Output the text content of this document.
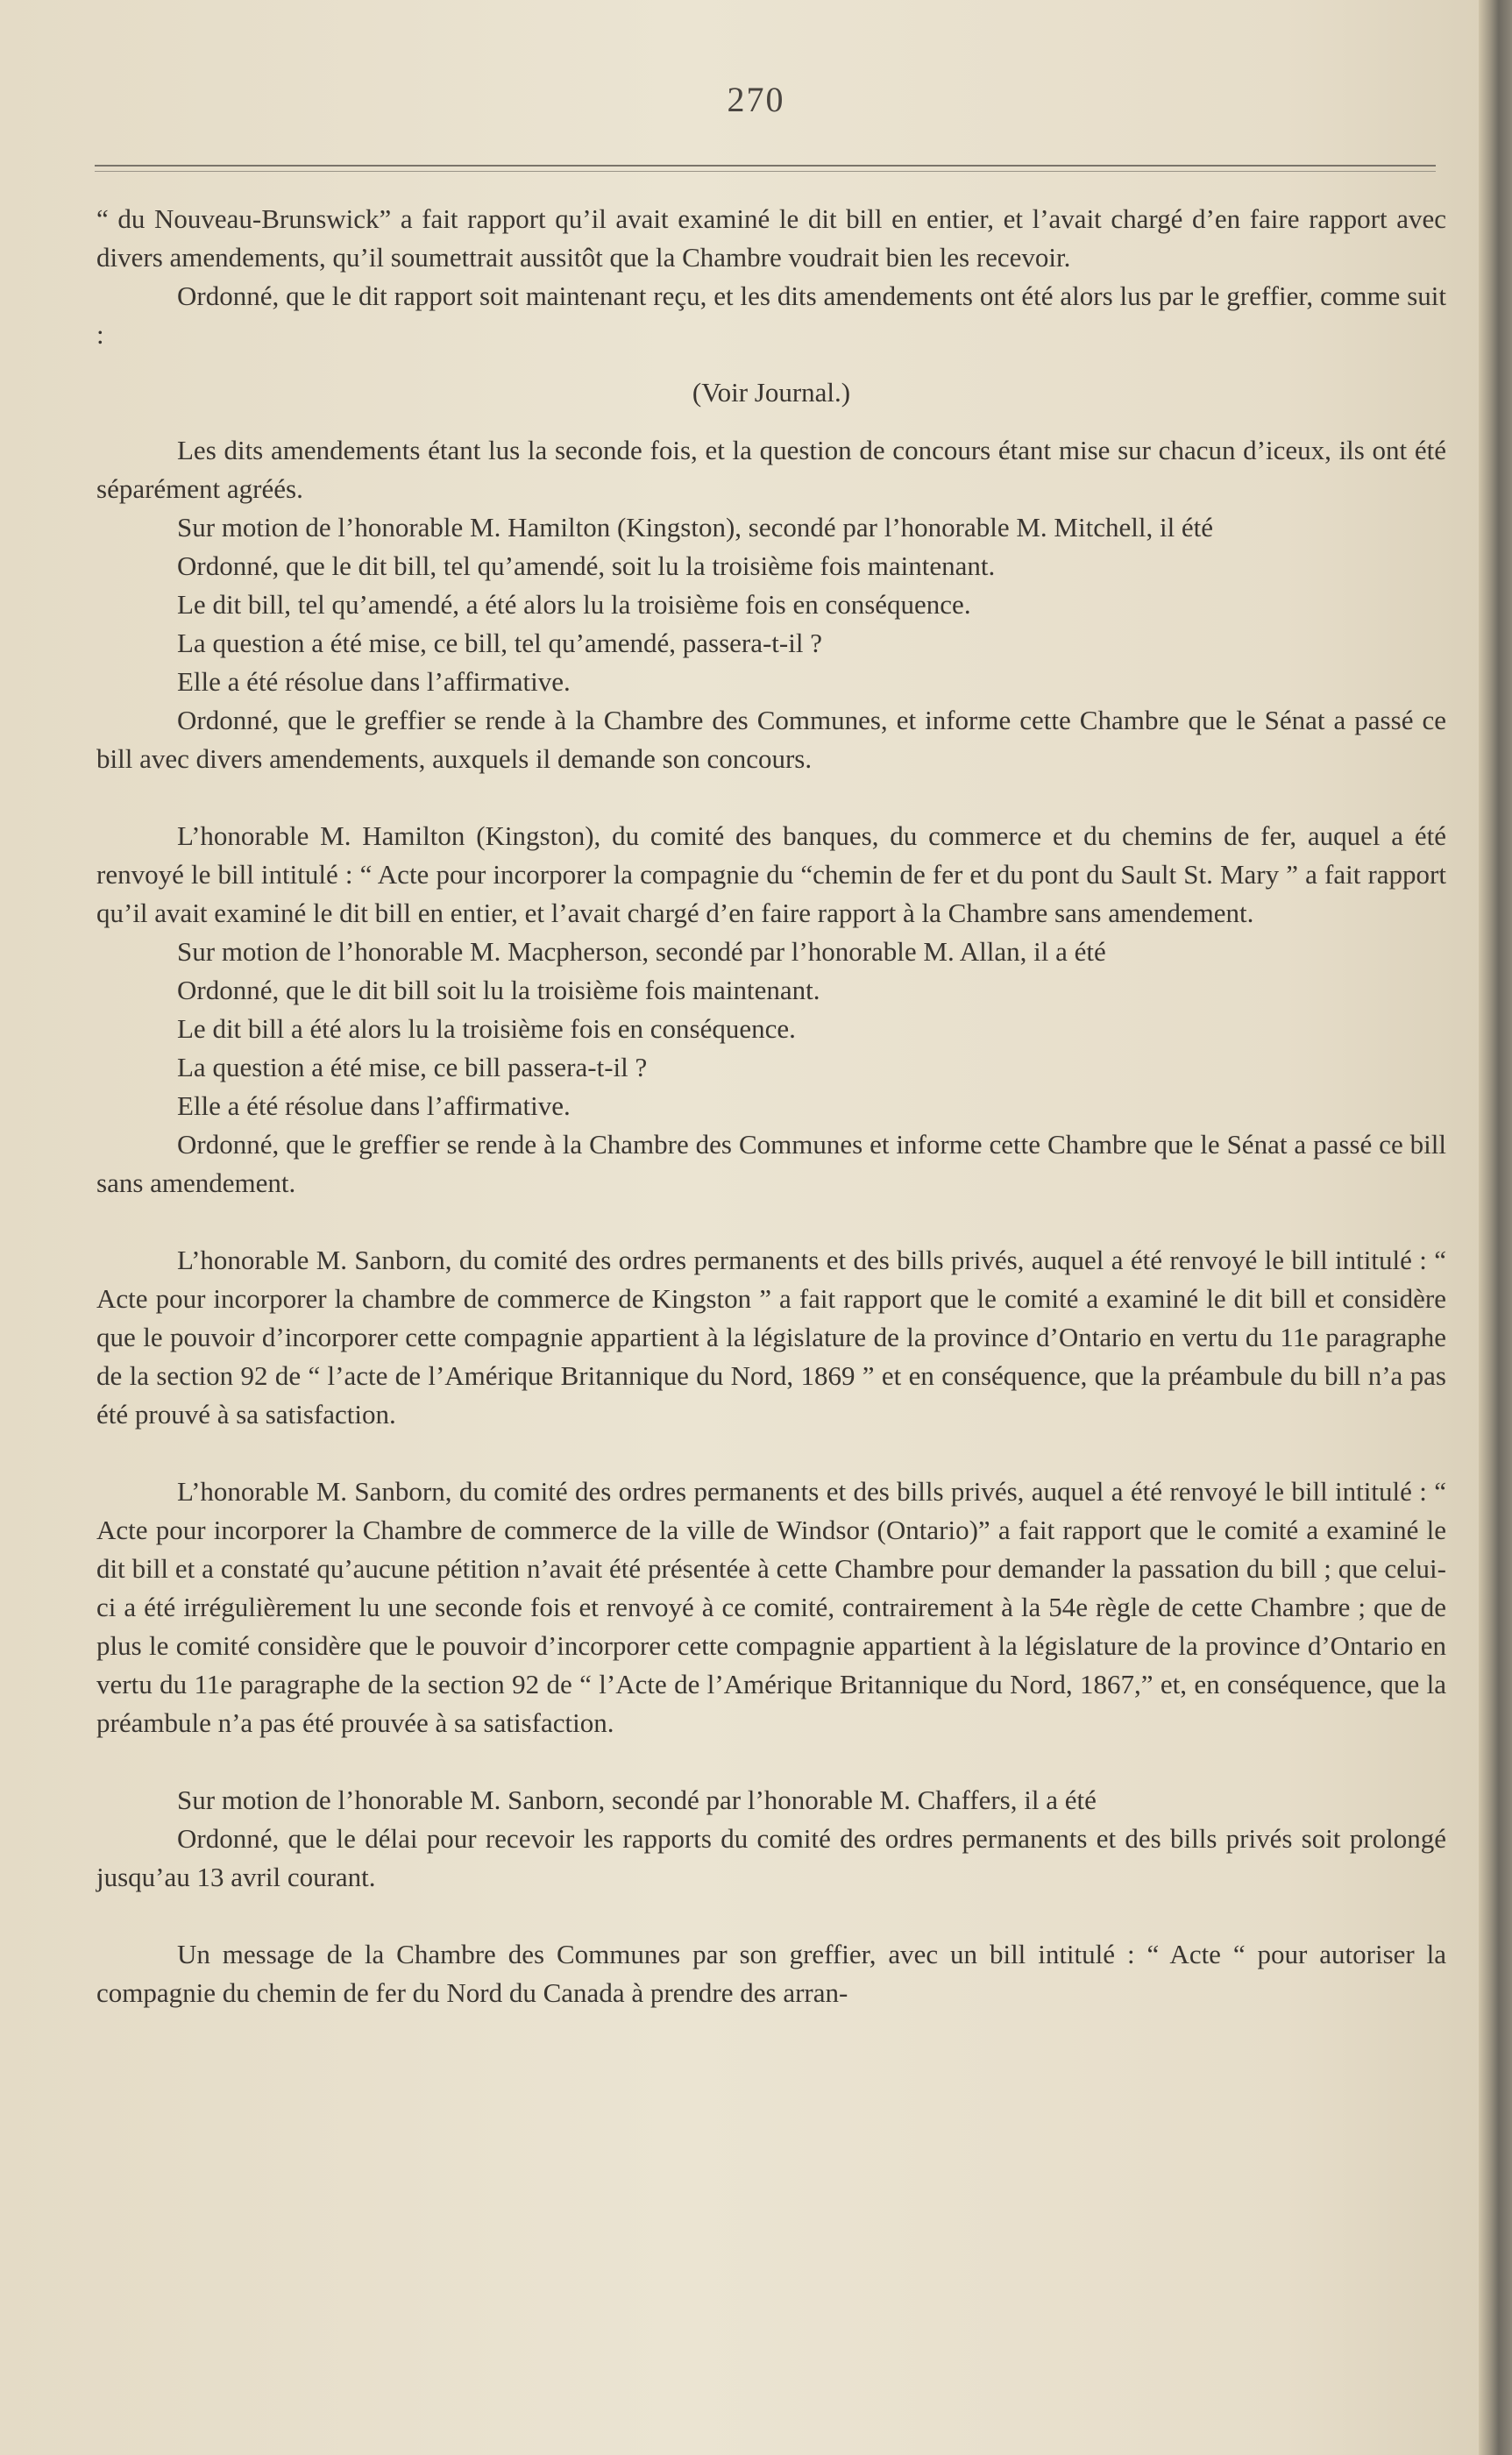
270

“ du Nouveau-Brunswick” a fait rapport qu’il avait examiné le dit bill en entier, et l’avait chargé d’en faire rapport avec divers amendements, qu’il soumettrait aussitôt que la Chambre voudrait bien les recevoir.

Ordonné, que le dit rapport soit maintenant reçu, et les dits amendements ont été alors lus par le greffier, comme suit :

(Voir Journal.)

Les dits amendements étant lus la seconde fois, et la question de concours étant mise sur chacun d’iceux, ils ont été séparément agréés.

Sur motion de l’honorable M. Hamilton (Kingston), secondé par l’honorable M. Mitchell, il été

Ordonné, que le dit bill, tel qu’amendé, soit lu la troisième fois maintenant.

Le dit bill, tel qu’amendé, a été alors lu la troisième fois en conséquence.

La question a été mise, ce bill, tel qu’amendé, passera-t-il ?

Elle a été résolue dans l’affirmative.

Ordonné, que le greffier se rende à la Chambre des Communes, et informe cette Chambre que le Sénat a passé ce bill avec divers amendements, auxquels il demande son concours.

L’honorable M. Hamilton (Kingston), du comité des banques, du commerce et du chemins de fer, auquel a été renvoyé le bill intitulé : “ Acte pour incorporer la compagnie du “chemin de fer et du pont du Sault St. Mary ” a fait rapport qu’il avait examiné le dit bill en entier, et l’avait chargé d’en faire rapport à la Chambre sans amendement.

Sur motion de l’honorable M. Macpherson, secondé par l’honorable M. Allan, il a été

Ordonné, que le dit bill soit lu la troisième fois maintenant.

Le dit bill a été alors lu la troisième fois en conséquence.

La question a été mise, ce bill passera-t-il ?

Elle a été résolue dans l’affirmative.

Ordonné, que le greffier se rende à la Chambre des Communes et informe cette Chambre que le Sénat a passé ce bill sans amendement.

L’honorable M. Sanborn, du comité des ordres permanents et des bills privés, auquel a été renvoyé le bill intitulé : “ Acte pour incorporer la chambre de commerce de Kingston ” a fait rapport que le comité a examiné le dit bill et considère que le pouvoir d’incorporer cette compagnie appartient à la législature de la province d’Ontario en vertu du 11e paragraphe de la section 92 de “ l’acte de l’Amérique Britannique du Nord, 1869 ” et en conséquence, que la préambule du bill n’a pas été prouvé à sa satisfaction.

L’honorable M. Sanborn, du comité des ordres permanents et des bills privés, auquel a été renvoyé le bill intitulé : “ Acte pour incorporer la Chambre de commerce de la ville de Windsor (Ontario)” a fait rapport que le comité a examiné le dit bill et a constaté qu’aucune pétition n’avait été présentée à cette Chambre pour demander la passation du bill ; que celui-ci a été irrégulièrement lu une seconde fois et renvoyé à ce comité, contrairement à la 54e règle de cette Chambre ; que de plus le comité considère que le pouvoir d’incorporer cette compagnie appartient à la législature de la province d’Ontario en vertu du 11e paragraphe de la section 92 de “ l’Acte de l’Amérique Britannique du Nord, 1867,” et, en conséquence, que la préambule n’a pas été prouvée à sa satisfaction.

Sur motion de l’honorable M. Sanborn, secondé par l’honorable M. Chaffers, il a été

Ordonné, que le délai pour recevoir les rapports du comité des ordres permanents et des bills privés soit prolongé jusqu’au 13 avril courant.

Un message de la Chambre des Communes par son greffier, avec un bill intitulé : “ Acte “ pour autoriser la compagnie du chemin de fer du Nord du Canada à prendre des arran-
